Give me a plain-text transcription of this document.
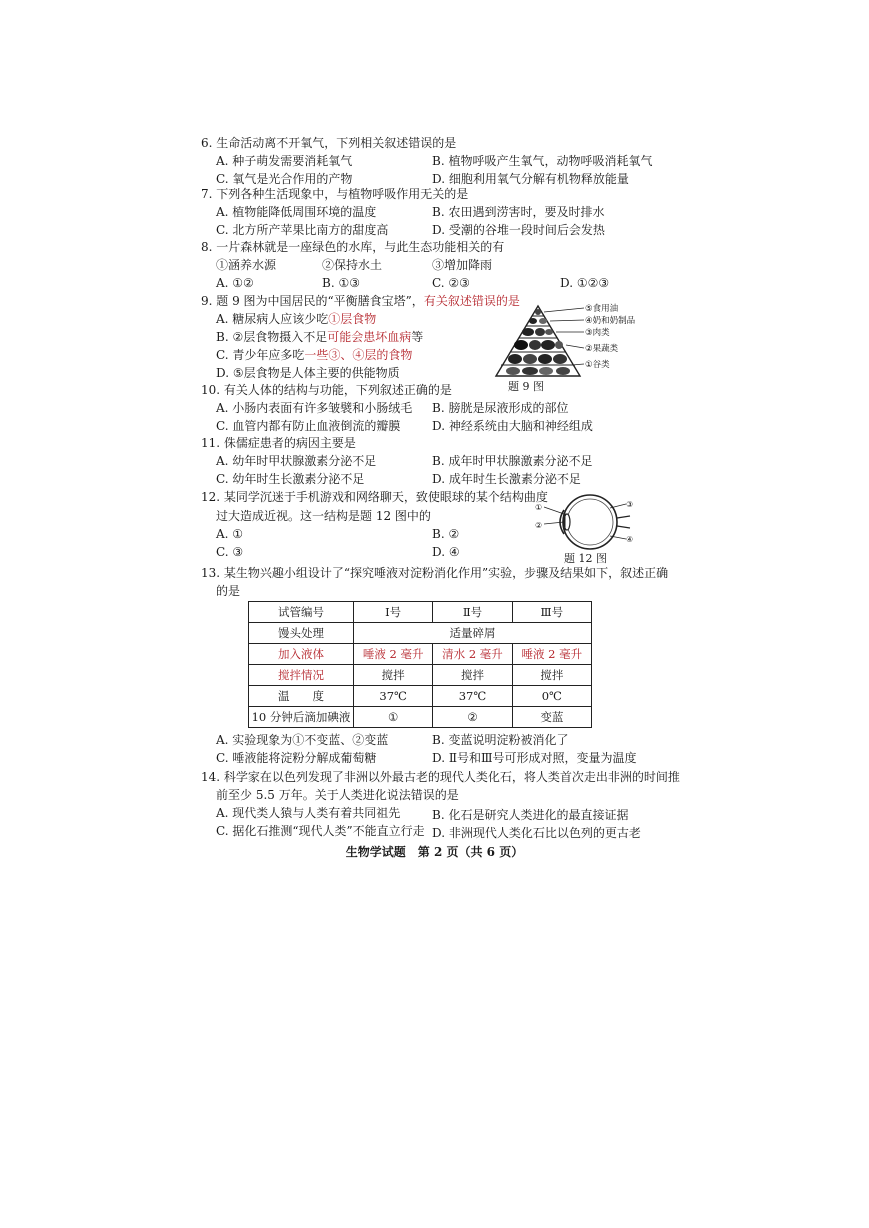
6. 生命活动离不开氧气，下列相关叙述错误的是
A. 种子萌发需要消耗氧气	B. 植物呼吸产生氧气，动物呼吸消耗氧气
C. 氧气是光合作用的产物	D. 细胞利用氧气分解有机物释放能量
7. 下列各种生活现象中，与植物呼吸作用无关的是
A. 植物能降低周围环境的温度	B. 农田遇到涝害时，要及时排水
C. 北方所产苹果比南方的甜度高	D. 受潮的谷堆一段时间后会发热
8. 一片森林就是一座绿色的水库，与此生态功能相关的有
①涵养水源	②保持水土	③增加降雨
A. ①②	B. ①③	C. ②③	D. ①②③
9. 题 9 图为中国居民的“平衡膳食宝塔”，有关叙述错误的是
A. 糖尿病人应该少吃①层食物
B. ②层食物摄入不足可能会患坏血病等
C. 青少年应多吃一些③、④层的食物
D. ⑤层食物是人体主要的供能物质
⑤食用油
④奶和奶制品
③肉类
②果蔬类
①谷类
题 9 图
10. 有关人体的结构与功能，下列叙述正确的是
A. 小肠内表面有许多皱襞和小肠绒毛 B. 膀胱是尿液形成的部位
C. 血管内都有防止血液倒流的瓣膜	D. 神经系统由大脑和神经组成
11. 侏儒症患者的病因主要是
A. 幼年时甲状腺激素分泌不足	B. 成年时甲状腺激素分泌不足
C. 幼年时生长激素分泌不足	D. 成年时生长激素分泌不足
12. 某同学沉迷于手机游戏和网络聊天，致使眼球的某个结构曲度
过大造成近视。这一结构是题 12 图中的
A. ①	B. ②
C. ③	D. ④
①
②
③
④
题 12 图
13. 某生物兴趣小组设计了“探究唾液对淀粉消化作用”实验，步骤及结果如下，叙述正确
的是
试管编号	Ⅰ号	Ⅱ号	Ⅲ号
馒头处理	适量碎屑		
加入液体	唾液 2 毫升	清水 2 毫升	唾液 2 毫升
搅拌情况	搅拌	搅拌	搅拌
温　　度	37℃	37℃	0℃
10 分钟后滴加碘液	①	②	变蓝
A. 实验现象为①不变蓝、②变蓝	B. 变蓝说明淀粉被消化了
C. 唾液能将淀粉分解成葡萄糖	D. Ⅱ号和Ⅲ号可形成对照，变量为温度
14. 科学家在以色列发现了非洲以外最古老的现代人类化石，将人类首次走出非洲的时间推
前至少 5.5 万年。关于人类进化说法错误的是
A. 现代类人猿与人类有着共同祖先	B. 化石是研究人类进化的最直接证据
C. 据化石推测“现代人类”不能直立行走 D. 非洲现代人类化石比以色列的更古老
生物学试题　第 2 页（共 6 页）
